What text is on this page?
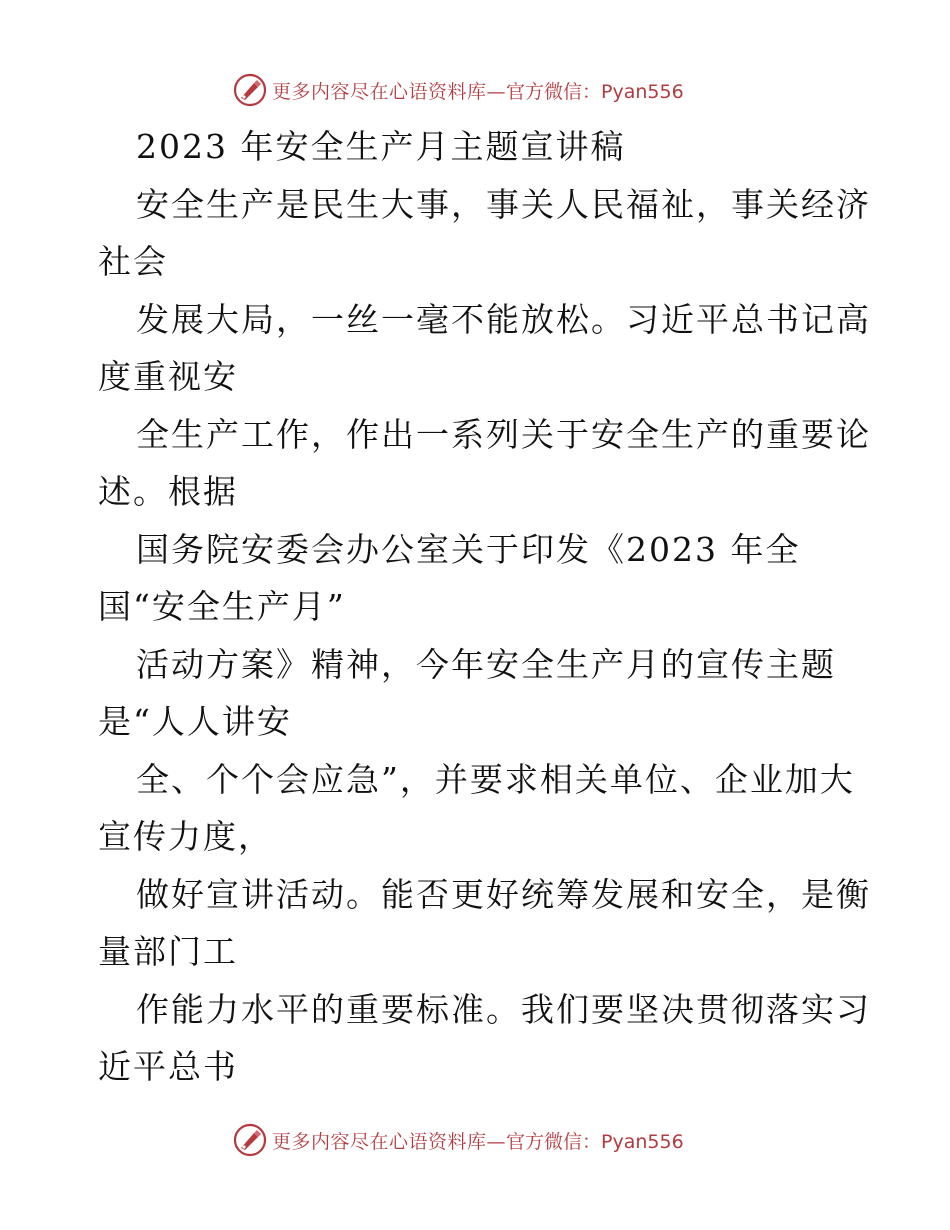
更多内容尽在心语资料库— 官方微信：Pyan556
2023 年安全生产月主题宣讲稿
安全生产是民生大事，事关人民福祉，事关经济
社会
发展大局，一丝一毫不能放松。习近平总书记高
度重视安
全生产工作，作出一系列关于安全生产的重要论
述。根据
国务院安委会办公室关于印发《2023 年全
国“安全生产月”
活动方案》精神，今年安全生产月的宣传主题
是“人人讲安
全、个个会应急”，并要求相关单位、企业加大
宣传力度，
做好宣讲活动。能否更好统筹发展和安全，是衡
量部门工
作能力水平的重要标准。我们要坚决贯彻落实习
近平总书
更多内容尽在心语资料库— 官方微信：Pyan556
